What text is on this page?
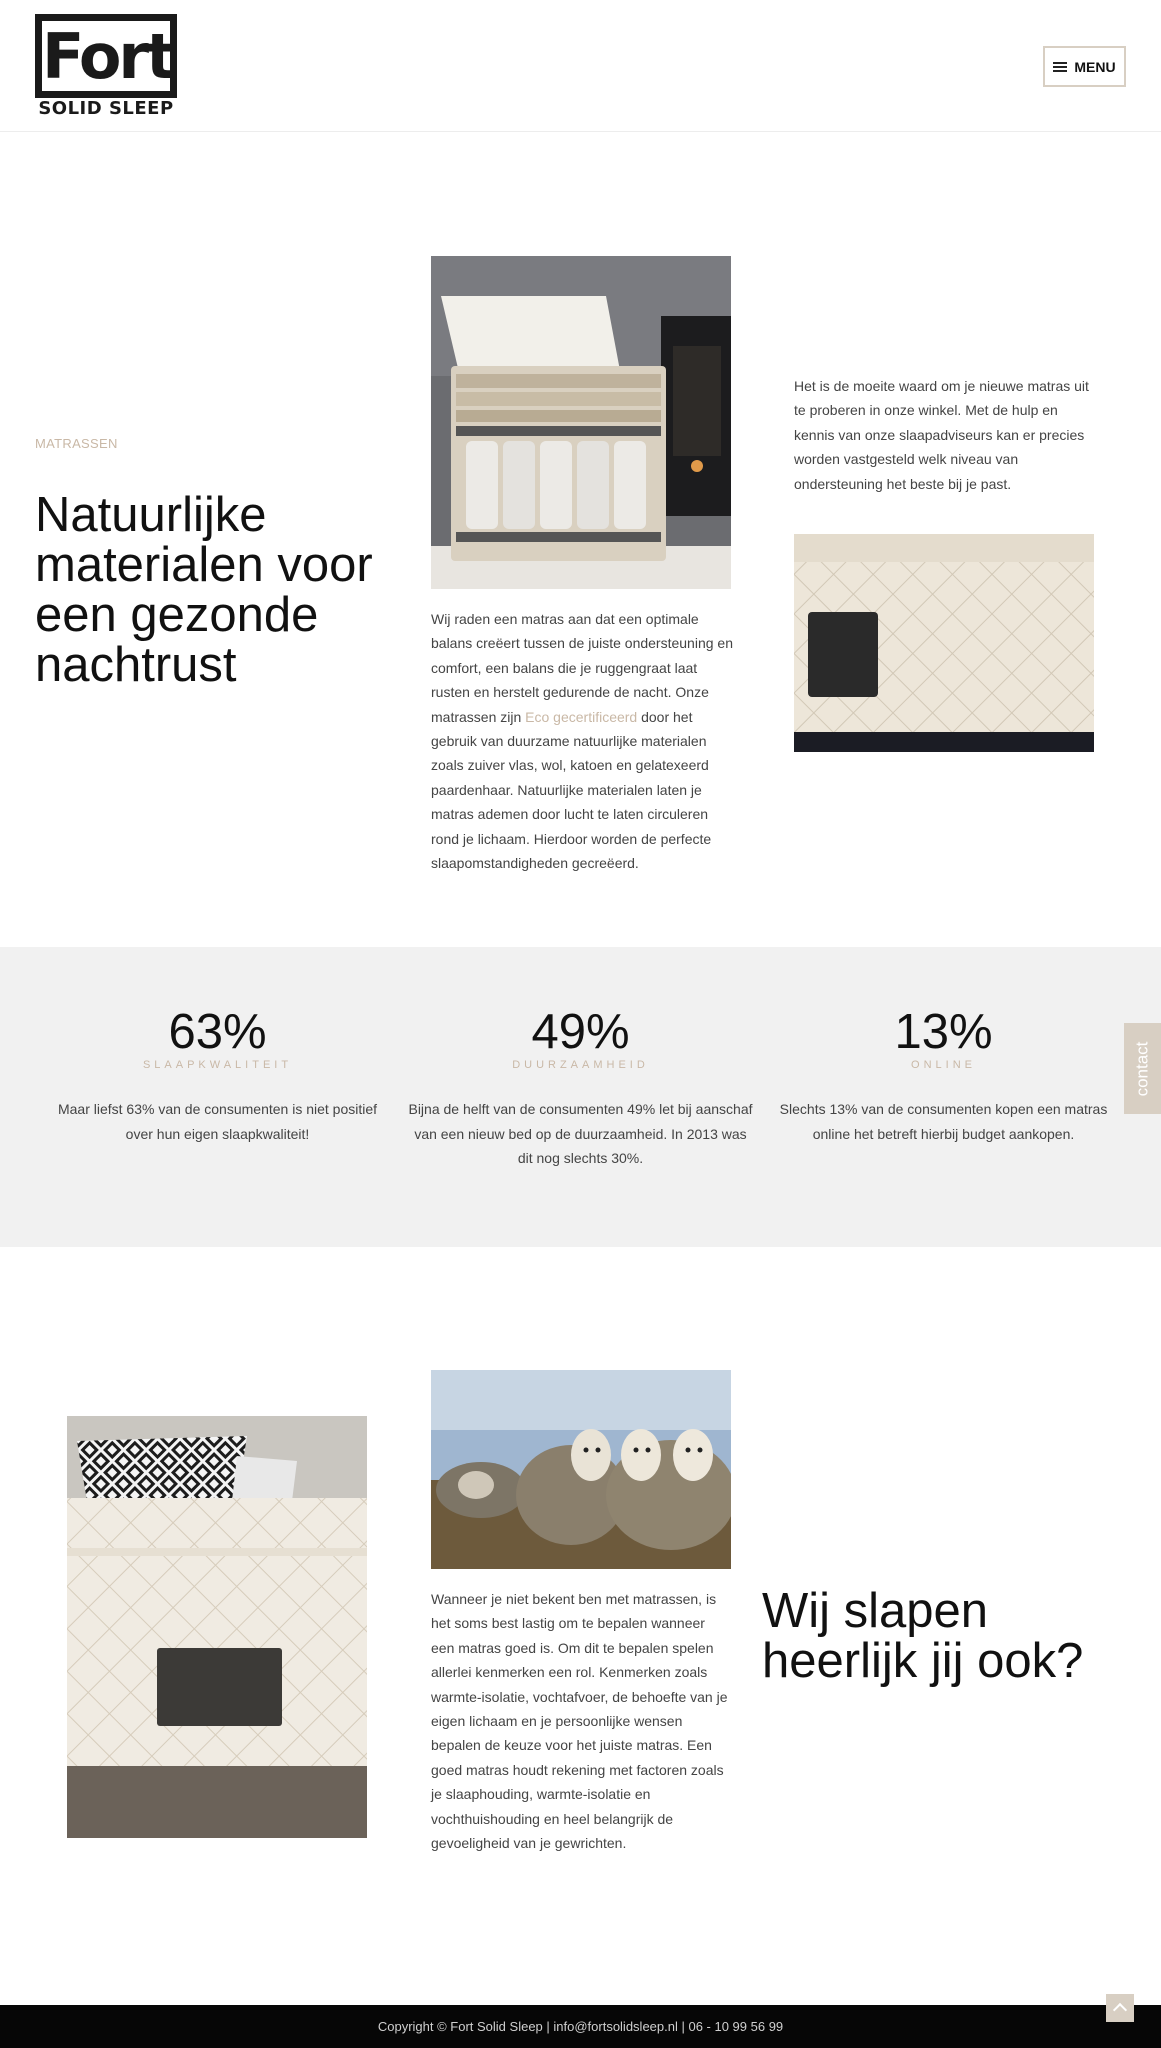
Fort
SOLID SLEEP
MENU
MATRASSEN
Natuurlijke materialen voor een gezonde nachtrust
Wij raden een matras aan dat een optimale balans creëert tussen de juiste ondersteuning en comfort, een balans die je ruggengraat laat rusten en herstelt gedurende de nacht. Onze matrassen zijn Eco gecertificeerd door het gebruik van duurzame natuurlijke materialen zoals zuiver vlas, wol, katoen en gelatexeerd paardenhaar. Natuurlijke materialen laten je matras ademen door lucht te laten circuleren rond je lichaam. Hierdoor worden de perfecte slaapomstandigheden gecreëerd.
Het is de moeite waard om je nieuwe matras uit te proberen in onze winkel. Met de hulp en kennis van onze slaapadviseurs kan er precies worden vastgesteld welk niveau van ondersteuning het beste bij je past.
63%
SLAAPKWALITEIT
Maar liefst 63% van de consumenten is niet positief over hun eigen slaapkwaliteit!
49%
DUURZAAMHEID
Bijna de helft van de consumenten 49% let bij aanschaf van een nieuw bed op de duurzaamheid. In 2013 was dit nog slechts 30%.
13%
ONLINE
Slechts 13% van de consumenten kopen een matras online het betreft hierbij budget aankopen.
contact
Wanneer je niet bekent ben met matrassen, is het soms best lastig om te bepalen wanneer een matras goed is. Om dit te bepalen spelen allerlei kenmerken een rol. Kenmerken zoals warmte-isolatie, vochtafvoer, de behoefte van je eigen lichaam en je persoonlijke wensen bepalen de keuze voor het juiste matras. Een goed matras houdt rekening met factoren zoals je slaaphouding, warmte-isolatie en vochthuishouding en heel belangrijk de gevoeligheid van je gewrichten.
Wij slapen heerlijk jij ook?
Copyright © Fort Solid Sleep | info@fortsolidsleep.nl | 06 - 10 99 56 99
